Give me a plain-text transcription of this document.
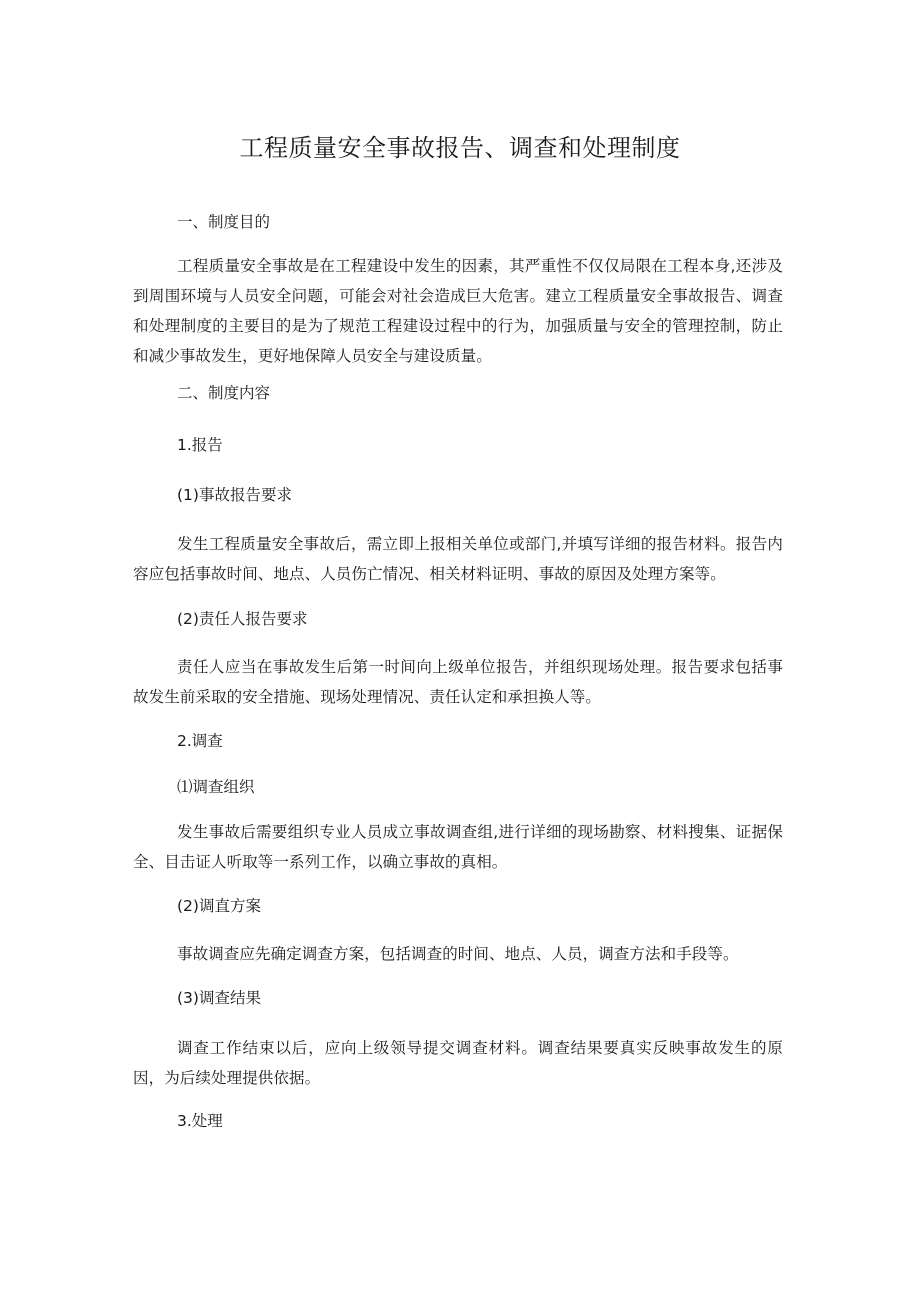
工程质量安全事故报告、调查和处理制度

一、制度目的

工程质量安全事故是在工程建设中发生的因素，其严重性不仅仅局限在工程本身,还涉及到周围环境与人员安全问题，可能会对社会造成巨大危害。建立工程质量安全事故报告、调查和处理制度的主要目的是为了规范工程建设过程中的行为，加强质量与安全的管理控制，防止和减少事故发生，更好地保障人员安全与建设质量。

二、制度内容

1.报告

(1)事故报告要求

发生工程质量安全事故后，需立即上报相关单位或部门,并填写详细的报告材料。报告内容应包括事故时间、地点、人员伤亡情况、相关材料证明、事故的原因及处理方案等。

(2)责任人报告要求

责任人应当在事故发生后第一时间向上级单位报告，并组织现场处理。报告要求包括事故发生前采取的安全措施、现场处理情况、责任认定和承担换人等。

2.调查

⑴调查组织

发生事故后需要组织专业人员成立事故调查组,进行详细的现场勘察、材料搜集、证据保全、目击证人听取等一系列工作，以确立事故的真相。

(2)调直方案

事故调查应先确定调查方案，包括调查的时间、地点、人员，调查方法和手段等。

(3)调查结果

调查工作结束以后，应向上级领导提交调查材料。调查结果要真实反映事故发生的原因，为后续处理提供依据。

3.处理
